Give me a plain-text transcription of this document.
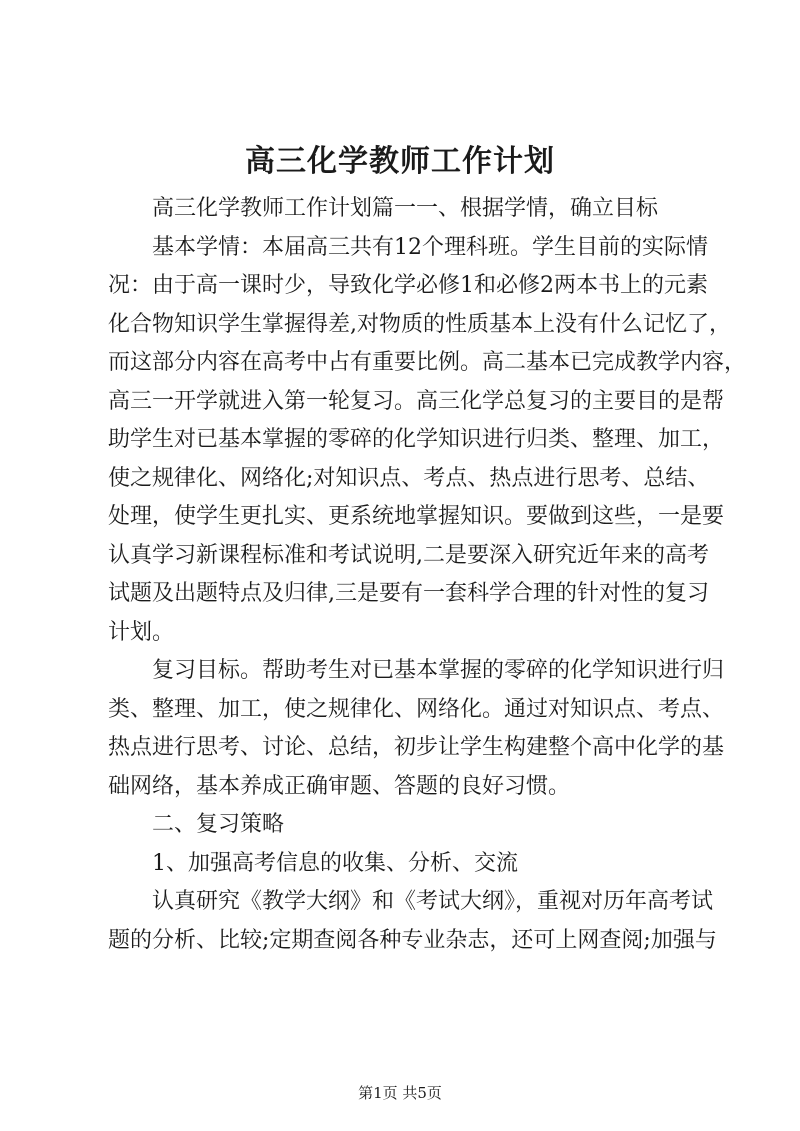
高三化学教师工作计划
高三化学教师工作计划篇一一、根据学情，确立目标
基本学情：本届高三共有12个理科班。学生目前的实际情
况：由于高一课时少，导致化学必修1和必修2两本书上的元素
化合物知识学生掌握得差,对物质的性质基本上没有什么记忆了，
而这部分内容在高考中占有重要比例。高二基本已完成教学内容，
高三一开学就进入第一轮复习。高三化学总复习的主要目的是帮
助学生对已基本掌握的零碎的化学知识进行归类、整理、加工，
使之规律化、网络化;对知识点、考点、热点进行思考、总结、
处理，使学生更扎实、更系统地掌握知识。要做到这些，一是要
认真学习新课程标准和考试说明,二是要深入研究近年来的高考
试题及出题特点及归律,三是要有一套科学合理的针对性的复习
计划。
复习目标。帮助考生对已基本掌握的零碎的化学知识进行归
类、整理、加工，使之规律化、网络化。通过对知识点、考点、
热点进行思考、讨论、总结，初步让学生构建整个高中化学的基
础网络，基本养成正确审题、答题的良好习惯。
二、复习策略
1、加强高考信息的收集、分析、交流
认真研究《教学大纲》和《考试大纲》，重视对历年高考试
题的分析、比较;定期查阅各种专业杂志，还可上网查阅;加强与
第1页 共5页
